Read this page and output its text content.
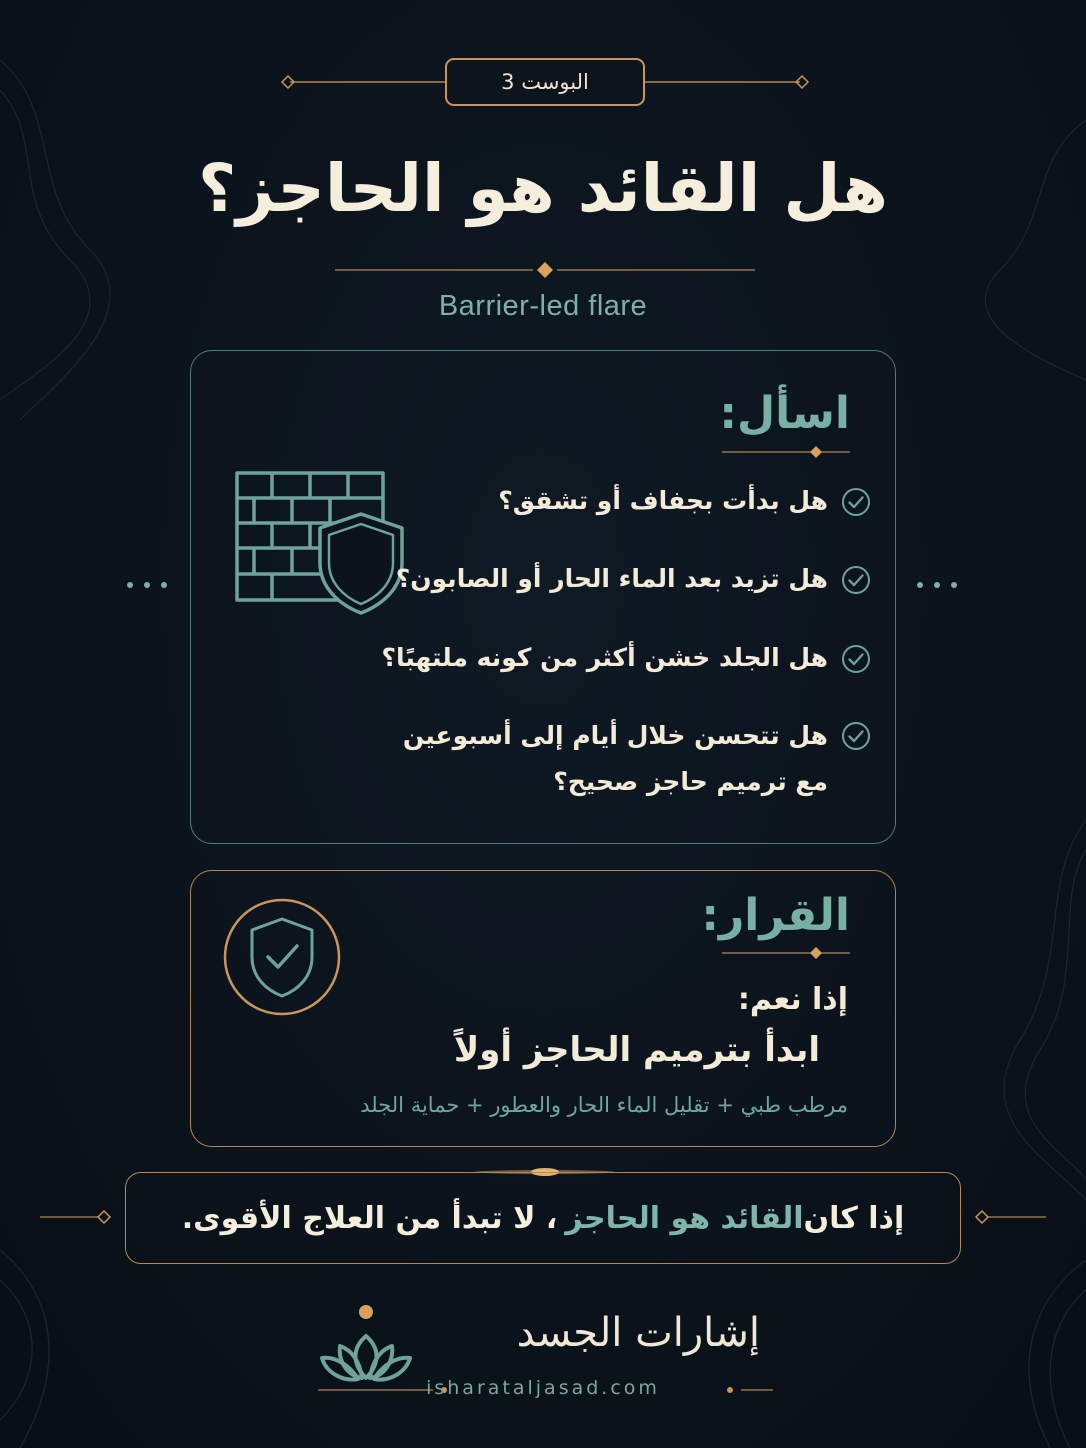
البوست 3
هل القائد هو الحاجز؟
Barrier-led flare
اسأل:
هل بدأت بجفاف أو تشقق؟
هل تزيد بعد الماء الحار أو الصابون؟
هل الجلد خشن أكثر من كونه ملتهبًا؟
هل تتحسن خلال أيام إلى أسبوعين
مع ترميم حاجز صحيح؟
القرار:
إذا نعم:
ابدأ بترميم الحاجز أولاً
مرطب طبي + تقليل الماء الحار والعطور + حماية الجلد
إذا كان
القائد هو الحاجز
، لا تبدأ من العلاج الأقوى.
إشارات الجسد
isharataljasad.com
